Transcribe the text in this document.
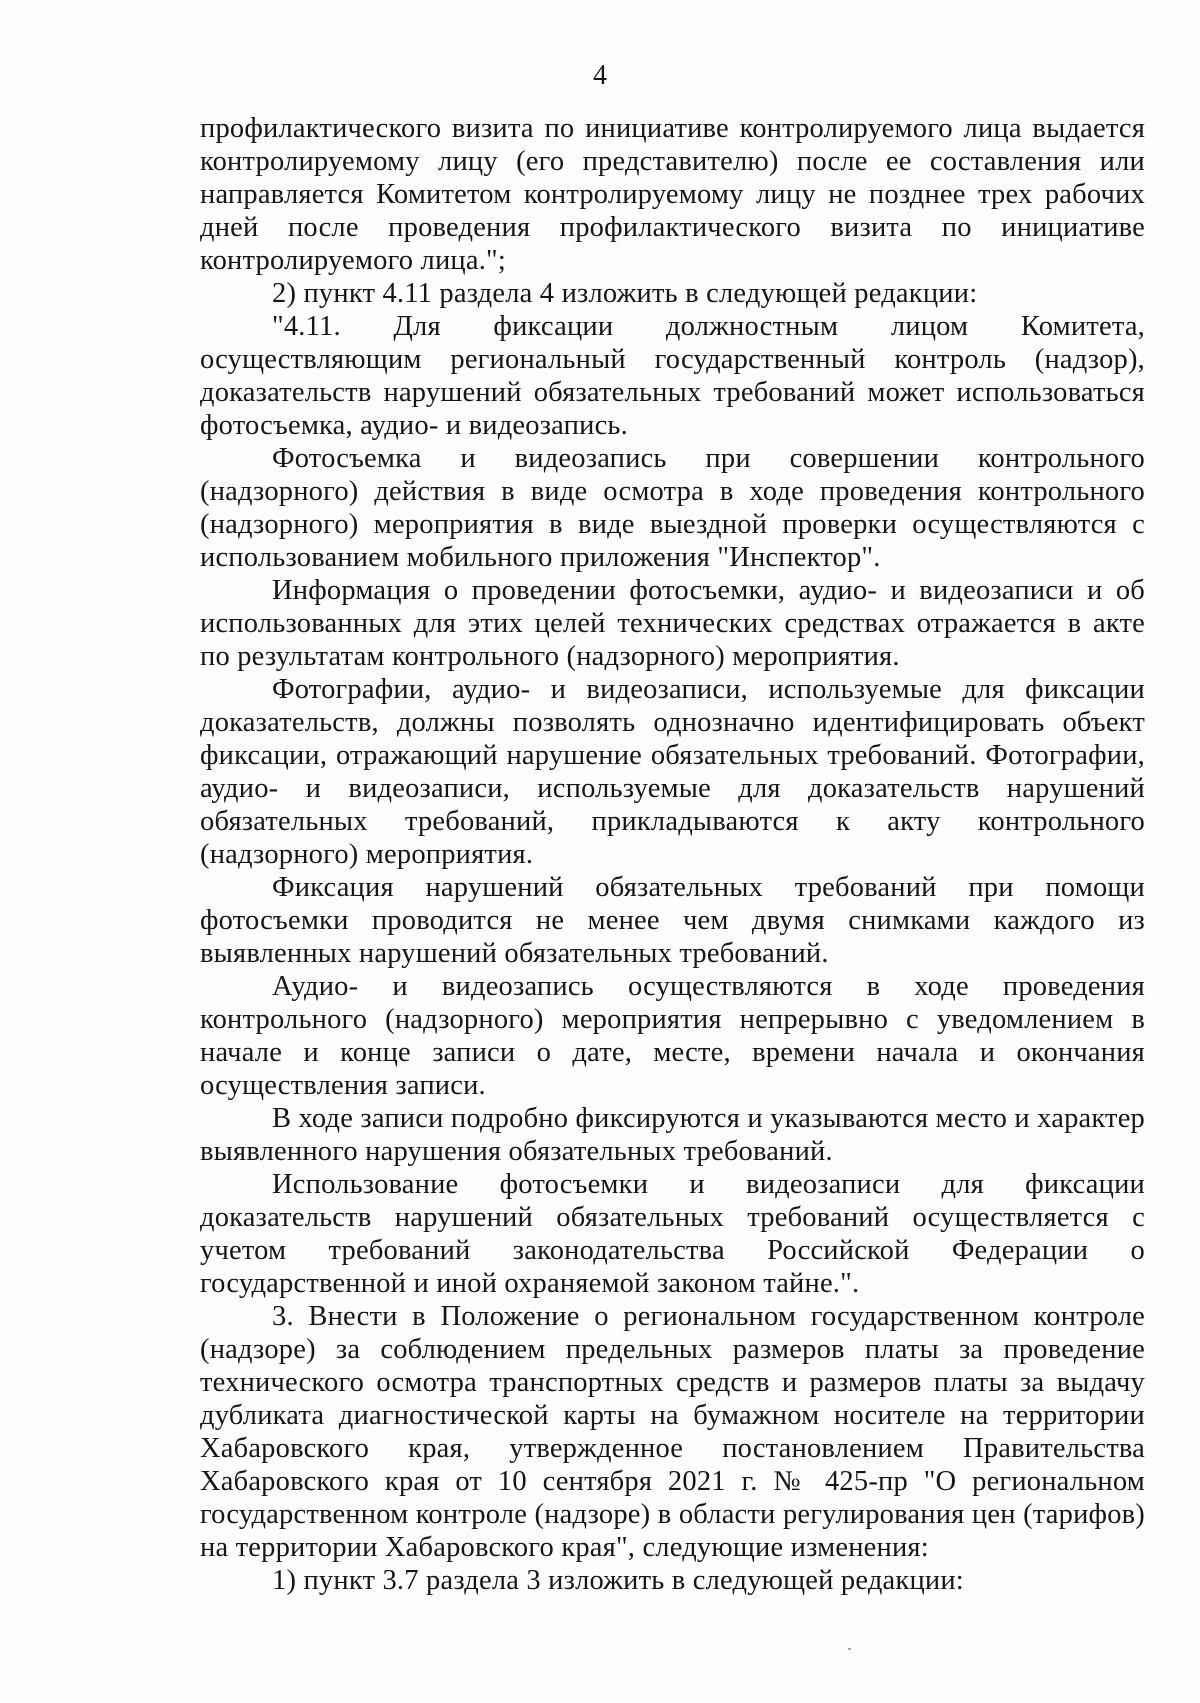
4

профилактического визита по инициативе контролируемого лица выдается контролируемому лицу (его представителю) после ее составления или направляется Комитетом контролируемому лицу не позднее трех рабочих дней после проведения профилактического визита по инициативе контролируемого лица.";

2) пункт 4.11 раздела 4 изложить в следующей редакции:

"4.11. Для фиксации должностным лицом Комитета, осуществляющим региональный государственный контроль (надзор), доказательств нарушений обязательных требований может использоваться фотосъемка, аудио- и видеозапись.

Фотосъемка и видеозапись при совершении контрольного (надзорного) действия в виде осмотра в ходе проведения контрольного (надзорного) мероприятия в виде выездной проверки осуществляются с использованием мобильного приложения "Инспектор".

Информация о проведении фотосъемки, аудио- и видеозаписи и об использованных для этих целей технических средствах отражается в акте по результатам контрольного (надзорного) мероприятия.

Фотографии, аудио- и видеозаписи, используемые для фиксации доказательств, должны позволять однозначно идентифицировать объект фиксации, отражающий нарушение обязательных требований. Фотографии, аудио- и видеозаписи, используемые для доказательств нарушений обязательных требований, прикладываются к акту контрольного (надзорного) мероприятия.

Фиксация нарушений обязательных требований при помощи фотосъемки проводится не менее чем двумя снимками каждого из выявленных нарушений обязательных требований.

Аудио- и видеозапись осуществляются в ходе проведения контрольного (надзорного) мероприятия непрерывно с уведомлением в начале и конце записи о дате, месте, времени начала и окончания осуществления записи.

В ходе записи подробно фиксируются и указываются место и характер выявленного нарушения обязательных требований.

Использование фотосъемки и видеозаписи для фиксации доказательств нарушений обязательных требований осуществляется с учетом требований законодательства Российской Федерации о государственной и иной охраняемой законом тайне.".

3. Внести в Положение о региональном государственном контроле (надзоре) за соблюдением предельных размеров платы за проведение технического осмотра транспортных средств и размеров платы за выдачу дубликата диагностической карты на бумажном носителе на территории Хабаровского края, утвержденное постановлением Правительства Хабаровского края от 10 сентября 2021 г. № 425-пр "О региональном государственном контроле (надзоре) в области регулирования цен (тарифов) на территории Хабаровского края", следующие изменения:

1) пункт 3.7 раздела 3 изложить в следующей редакции:
